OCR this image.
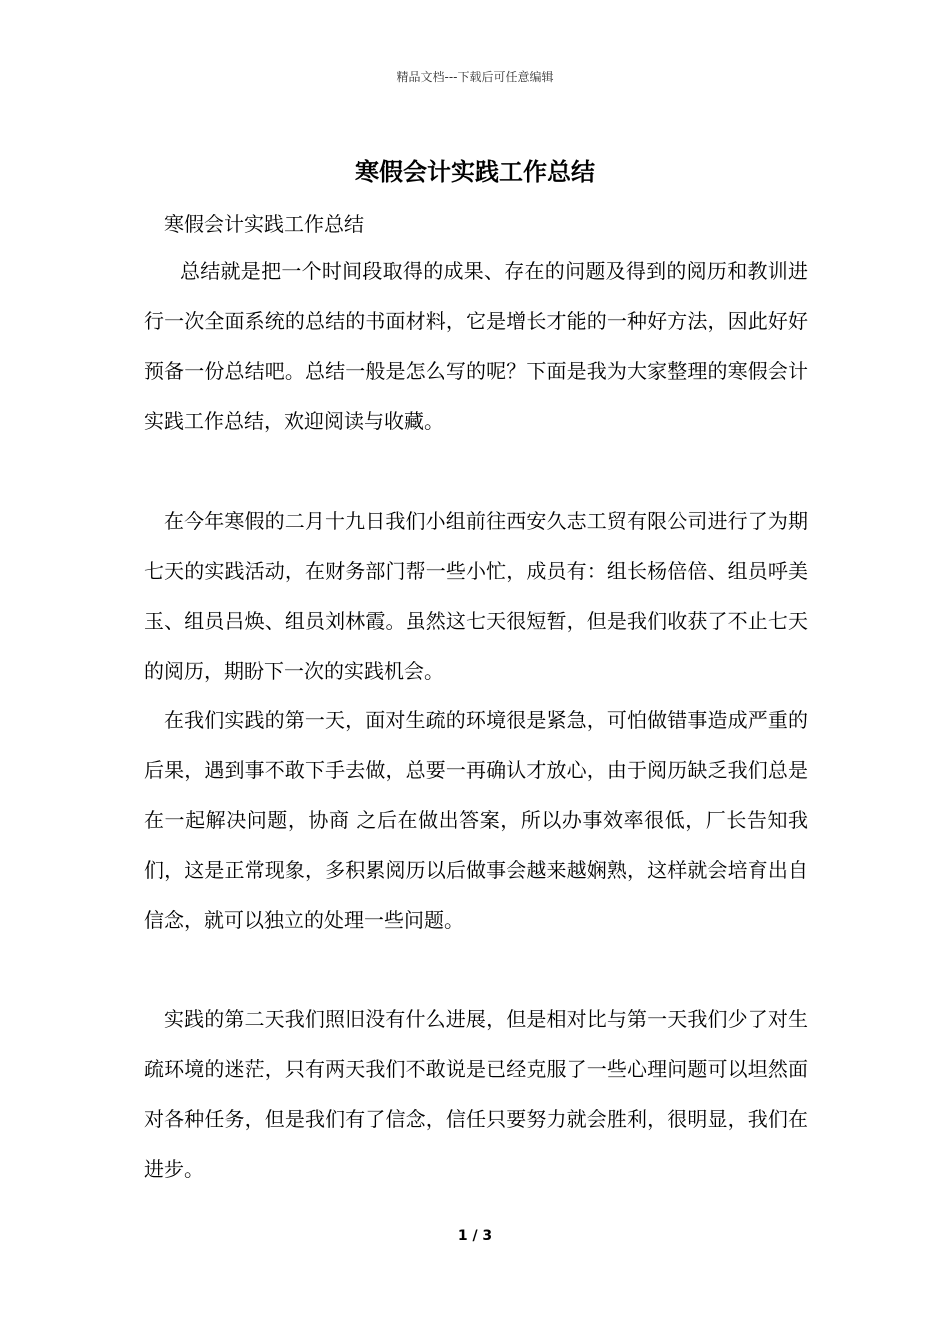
精品文档---下载后可任意编辑
寒假会计实践工作总结

寒假会计实践工作总结

总结就是把一个时间段取得的成果、存在的问题及得到的阅历和教训进行一次全面系统的总结的书面材料，它是增长才能的一种好方法，因此好好预备一份总结吧。总结一般是怎么写的呢？下面是我为大家整理的寒假会计实践工作总结，欢迎阅读与收藏。

在今年寒假的二月十九日我们小组前往西安久志工贸有限公司进行了为期七天的实践活动，在财务部门帮一些小忙，成员有：组长杨倍倍、组员呼美玉、组员吕焕、组员刘林霞。虽然这七天很短暂，但是我们收获了不止七天的阅历，期盼下一次的实践机会。

在我们实践的第一天，面对生疏的环境很是紧急，可怕做错事造成严重的后果，遇到事不敢下手去做，总要一再确认才放心，由于阅历缺乏我们总是在一起解决问题，协商 之后在做出答案，所以办事效率很低，厂长告知我们，这是正常现象，多积累阅历以后做事会越来越娴熟，这样就会培育出自信念，就可以独立的处理一些问题。

实践的第二天我们照旧没有什么进展，但是相对比与第一天我们少了对生疏环境的迷茫，只有两天我们不敢说是已经克服了一些心理问题可以坦然面对各种任务，但是我们有了信念，信任只要努力就会胜利，很明显，我们在进步。

1 / 3
